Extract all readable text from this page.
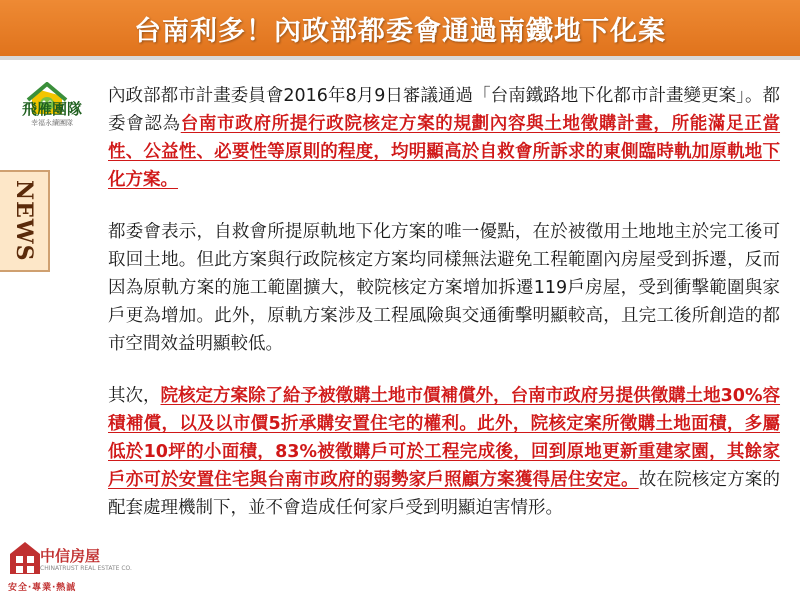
台南利多！內政部都委會通過南鐵地下化案
飛雁團隊
幸福永續團隊
NEWS

內政部都市計畫委員會2016年8月9日審議通過「台南鐵路地下化都市計畫變更案」。都委會認為台南市政府所提行政院核定方案的規劃內容與土地徵購計畫，所能滿足正當性、公益性、必要性等原則的程度，均明顯高於自救會所訴求的東側臨時軌加原軌地下化方案。

都委會表示，自救會所提原軌地下化方案的唯一優點，在於被徵用土地地主於完工後可取回土地。但此方案與行政院核定方案均同樣無法避免工程範圍內房屋受到拆遷，反而因為原軌方案的施工範圍擴大，較院核定方案增加拆遷119戶房屋，受到衝擊範圍與家戶更為增加。此外，原軌方案涉及工程風險與交通衝擊明顯較高，且完工後所創造的都市空間效益明顯較低。

其次，院核定方案除了給予被徵購土地市價補償外，台南市政府另提供徵購土地30%容積補償，以及以市價5折承購安置住宅的權利。此外，院核定案所徵購土地面積，多屬低於10坪的小面積，83%被徵購戶可於工程完成後，回到原地更新重建家園，其餘家戶亦可於安置住宅與台南市政府的弱勢家戶照顧方案獲得居住安定。故在院核定方案的配套處理機制下，並不會造成任何家戶受到明顯迫害情形。

中信房屋
CHINATRUST REAL ESTATE CO.
安全‧專業‧熱誠
